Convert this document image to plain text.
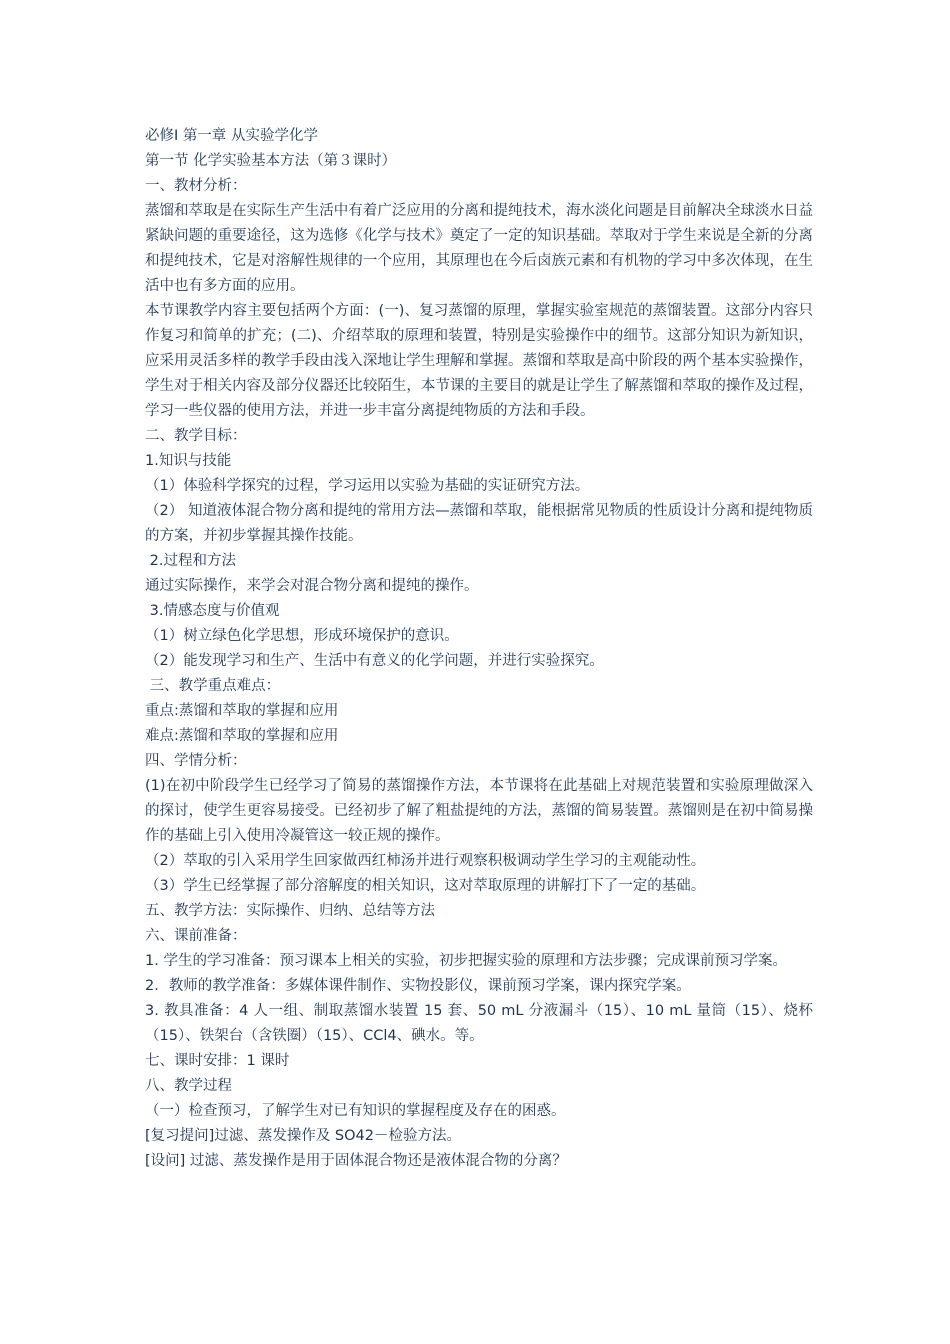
必修Ⅰ 第一章 从实验学化学
第一节 化学实验基本方法（第３课时）
一、教材分析：
蒸馏和萃取是在实际生产生活中有着广泛应用的分离和提纯技术，海水淡化问题是目前解决全球淡水日益紧缺问题的重要途径，这为选修《化学与技术》奠定了一定的知识基础。萃取对于学生来说是全新的分离和提纯技术，它是对溶解性规律的一个应用，其原理也在今后卤族元素和有机物的学习中多次体现，在生活中也有多方面的应用。
本节课教学内容主要包括两个方面：(一)、复习蒸馏的原理，掌握实验室规范的蒸馏装置。这部分内容只作复习和简单的扩充；(二)、介绍萃取的原理和装置，特别是实验操作中的细节。这部分知识为新知识，应采用灵活多样的教学手段由浅入深地让学生理解和掌握。蒸馏和萃取是高中阶段的两个基本实验操作，学生对于相关内容及部分仪器还比较陌生，本节课的主要目的就是让学生了解蒸馏和萃取的操作及过程，学习一些仪器的使用方法，并进一步丰富分离提纯物质的方法和手段。
二、教学目标：
1.知识与技能
（1）体验科学探究的过程，学习运用以实验为基础的实证研究方法。
（2） 知道液体混合物分离和提纯的常用方法—蒸馏和萃取，能根据常见物质的性质设计分离和提纯物质的方案，并初步掌握其操作技能。
2.过程和方法
通过实际操作，来学会对混合物分离和提纯的操作。
3.情感态度与价值观
（1）树立绿色化学思想，形成环境保护的意识。
（2）能发现学习和生产、生活中有意义的化学问题，并进行实验探究。
三、教学重点难点：
重点:蒸馏和萃取的掌握和应用
难点:蒸馏和萃取的掌握和应用
四、学情分析：
(1)在初中阶段学生已经学习了简易的蒸馏操作方法，本节课将在此基础上对规范装置和实验原理做深入的探讨，使学生更容易接受。已经初步了解了粗盐提纯的方法，蒸馏的简易装置。蒸馏则是在初中简易操作的基础上引入使用冷凝管这一较正规的操作。
（2）萃取的引入采用学生回家做西红柿汤并进行观察积极调动学生学习的主观能动性。
（3）学生已经掌握了部分溶解度的相关知识，这对萃取原理的讲解打下了一定的基础。
五、教学方法：实际操作、归纳、总结等方法
六、课前准备：
1. 学生的学习准备：预习课本上相关的实验，初步把握实验的原理和方法步骤；完成课前预习学案。
2．教师的教学准备：多媒体课件制作、实物投影仪，课前预习学案，课内探究学案。
3. 教具准备：4 人一组、制取蒸馏水装置 15 套、50 mL 分液漏斗（15）、10 mL 量筒（15）、烧杯（15）、铁架台（含铁圈）（15）、CCl4、碘水。等。
七、课时安排：1 课时
八、教学过程
（一）检查预习，了解学生对已有知识的掌握程度及存在的困惑。
[复习提问]过滤、蒸发操作及 SO42－检验方法。
[设问] 过滤、蒸发操作是用于固体混合物还是液体混合物的分离？
